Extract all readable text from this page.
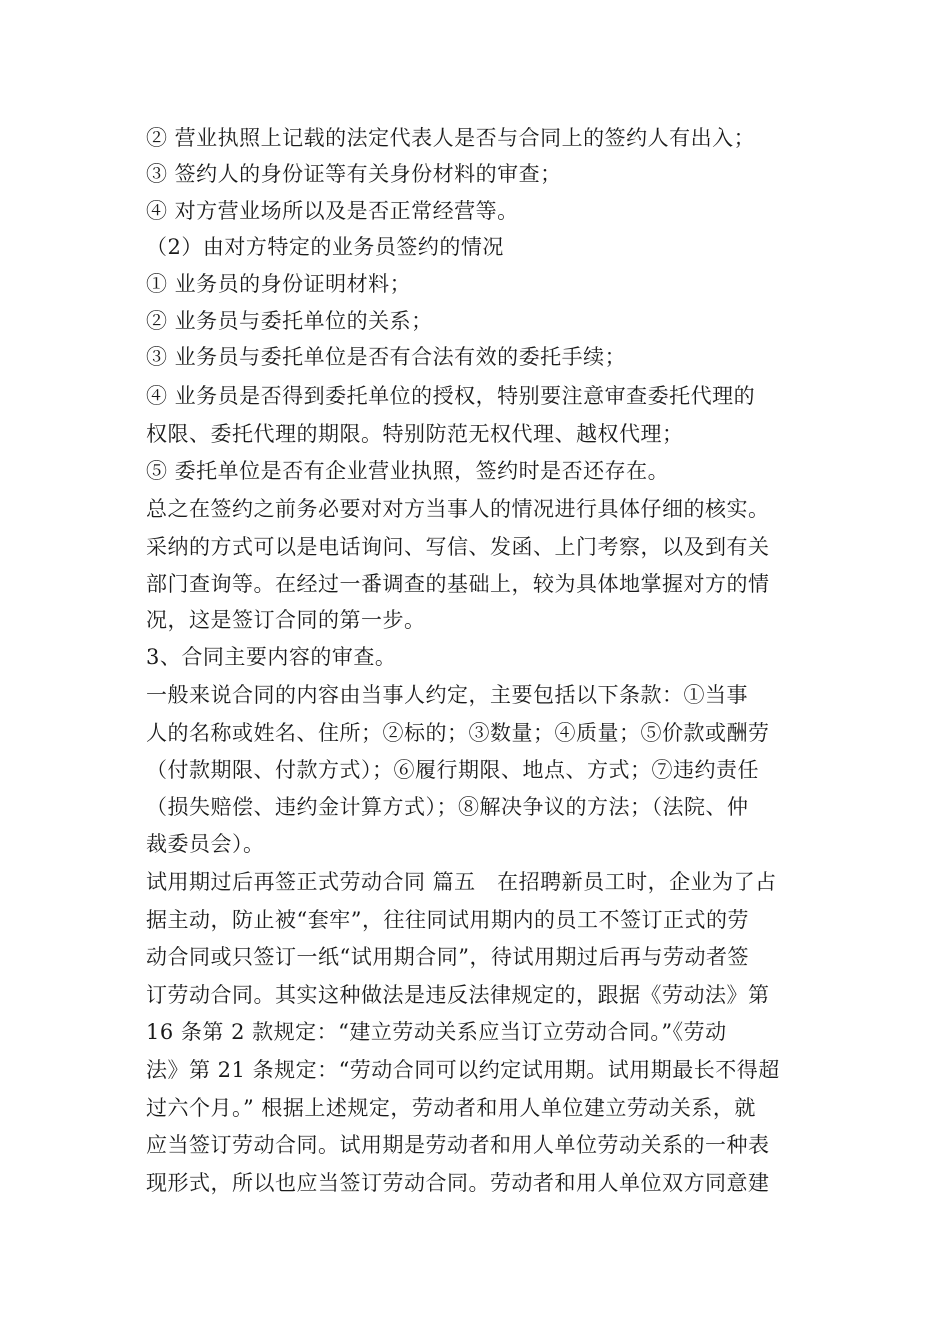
② 营业执照上记载的法定代表人是否与合同上的签约人有出入；
③ 签约人的身份证等有关身份材料的审查；
④ 对方营业场所以及是否正常经营等。
（2）由对方特定的业务员签约的情况
① 业务员的身份证明材料；
② 业务员与委托单位的关系；
③ 业务员与委托单位是否有合法有效的委托手续；
④ 业务员是否得到委托单位的授权，特别要注意审查委托代理的
权限、委托代理的期限。特别防范无权代理、越权代理；
⑤ 委托单位是否有企业营业执照，签约时是否还存在。
总之在签约之前务必要对对方当事人的情况进行具体仔细的核实。
采纳的方式可以是电话询问、写信、发函、上门考察，以及到有关
部门查询等。在经过一番调查的基础上，较为具体地掌握对方的情
况，这是签订合同的第一步。
3、合同主要内容的审查。
一般来说合同的内容由当事人约定，主要包括以下条款：①当事
人的名称或姓名、住所；②标的；③数量；④质量；⑤价款或酬劳
（付款期限、付款方式）；⑥履行期限、地点、方式；⑦违约责任
（损失赔偿、违约金计算方式）；⑧解决争议的方法；（法院、仲
裁委员会）。
试用期过后再签正式劳动合同 篇五　在招聘新员工时，企业为了占
据主动，防止被“套牢”，往往同试用期内的员工不签订正式的劳
动合同或只签订一纸“试用期合同”，待试用期过后再与劳动者签
订劳动合同。其实这种做法是违反法律规定的，跟据《劳动法》第
16 条第 2 款规定：“建立劳动关系应当订立劳动合同。”《劳动
法》第 21 条规定：“劳动合同可以约定试用期。试用期最长不得超
过六个月。” 根据上述规定，劳动者和用人单位建立劳动关系，就
应当签订劳动合同。试用期是劳动者和用人单位劳动关系的一种表
现形式，所以也应当签订劳动合同。劳动者和用人单位双方同意建
